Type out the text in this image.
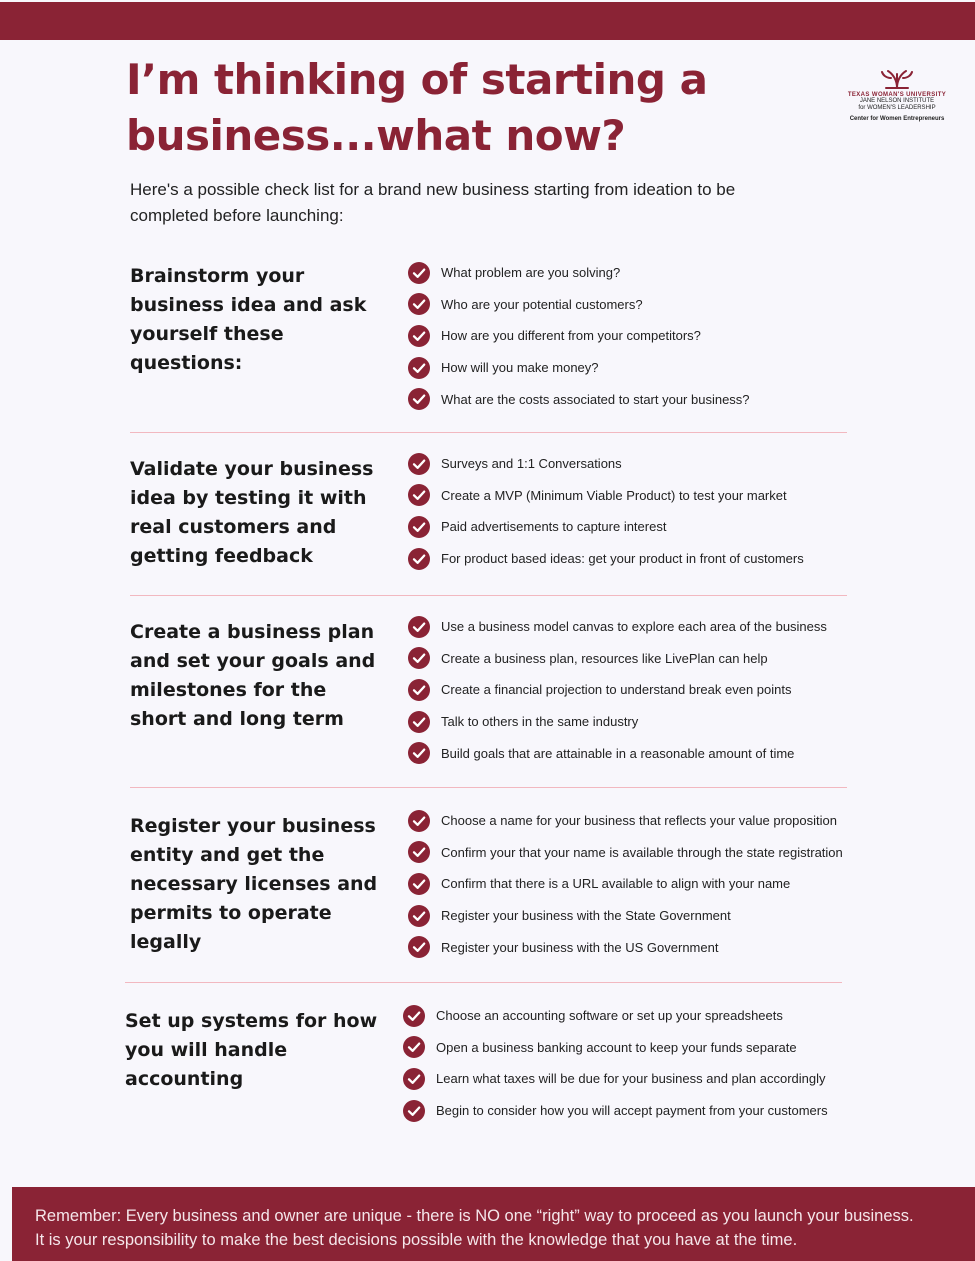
I’m thinking of starting a business...what now?
TEXAS WOMAN'S UNIVERSITY
JANE NELSON INSTITUTE
for WOMEN'S LEADERSHIP
Center for Women Entrepreneurs

Here's a possible check list for a brand new business starting from ideation to be completed before launching:

Brainstorm your business idea and ask yourself these questions:
What problem are you solving?
Who are your potential customers?
How are you different from your competitors?
How will you make money?
What are the costs associated to start your business?
Validate your business idea by testing it with real customers and getting feedback
Surveys and 1:1 Conversations
Create a MVP (Minimum Viable Product) to test your market
Paid advertisements to capture interest
For product based ideas: get your product in front of customers
Create a business plan and set your goals and milestones for the short and long term
Use a business model canvas to explore each area of the business
Create a business plan, resources like LivePlan can help
Create a financial projection to understand break even points
Talk to others in the same industry
Build goals that are attainable in a reasonable amount of time
Register your business entity and get the necessary licenses and permits to operate legally
Choose a name for your business that reflects your value proposition
Confirm your that your name is available through the state registration
Confirm that there is a URL available to align with your name
Register your business with the State Government
Register your business with the US Government
Set up systems for how you will handle accounting
Choose an accounting software or set up your spreadsheets
Open a business banking account to keep your funds separate
Learn what taxes will be due for your business and plan accordingly
Begin to consider how you will accept payment from your customers

Remember: Every business and owner are unique - there is NO one “right” way to proceed as you launch your business.

It is your responsibility to make the best decisions possible with the knowledge that you have at the time.
